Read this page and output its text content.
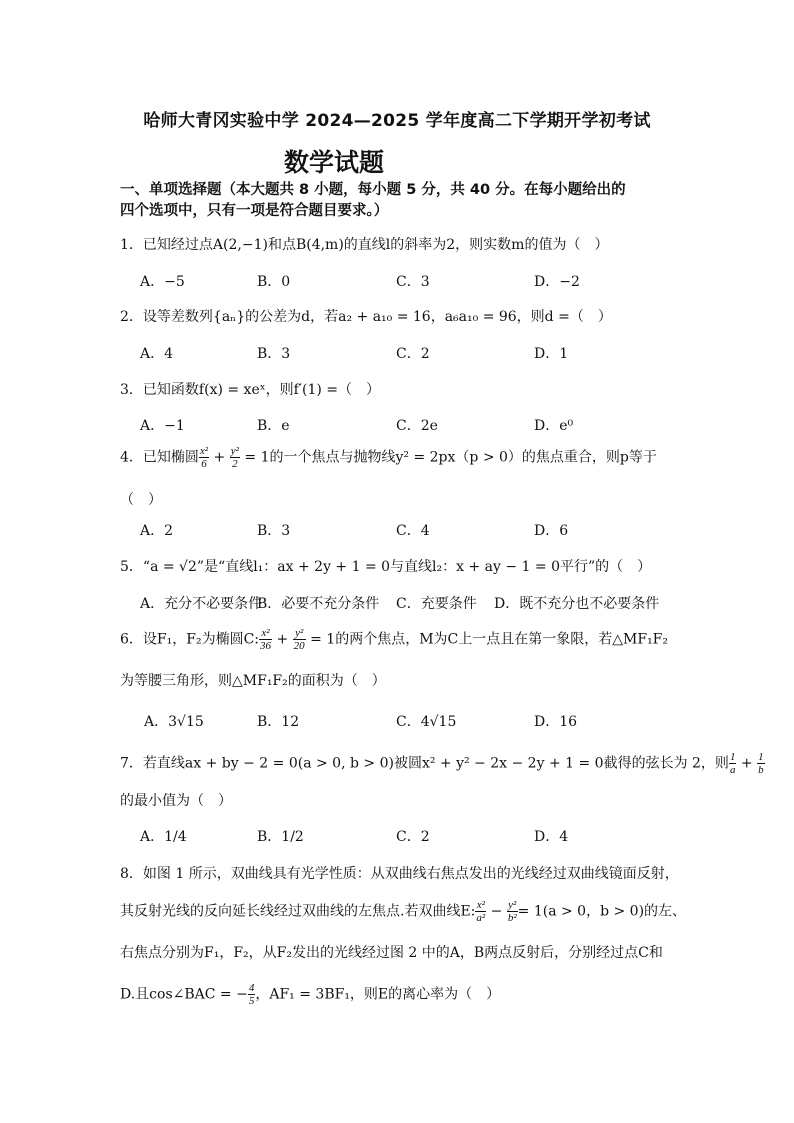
哈师大青冈实验中学 2024—2025 学年度高二下学期开学初考试
数学试题
一、单项选择题（本大题共 8 小题，每小题 5 分，共 40 分。在每小题给出的
四个选项中，只有一项是符合题目要求。）
1．已知经过点A(2,−1)和点B(4,m)的直线l的斜率为2，则实数m的值为（　）
A．−5	B．0	C．3	D．−2
2．设等差数列{aₙ}的公差为d，若a₂ + a₁₀ = 16，a₆a₁₀ = 96，则d =（　）
A．4	B．3	C．2	D．1
3．已知函数f(x) = xeˣ，则f′(1) =（　）
A．−1	B．e	C．2e	D．e⁰
4．已知椭圆 $\frac{\text{x²}}{6} + \frac{\text{y²}}{2} = 1$的一个焦点与抛物线y² = 2px（p > 0）的焦点重合，则p等于
（　）
A．2	B．3	C．4	D．6
5．“a = √2”是“直线l₁：ax + 2y + 1 = 0与直线l₂：x + ay − 1 = 0平行”的（　）
A．充分不必要条件
B．必要不充分条件 C．充要条件 D．既不充分也不必要条件
6．设F₁，F₂为椭圆C: $\frac{\text{x²}}{36} + \frac{\text{y²}}{20} = 1$的两个焦点，M为C上一点且在第一象限，若△MF₁F₂
为等腰三角形，则△MF₁F₂的面积为（　）
A．3√15	B．12	C．4√15	D．16
7．若直线ax + by − 2 = 0(a > 0, b > 0)被圆x² + y² − 2x − 2y + 1 = 0截得的弦长为 2，则 $\frac{1}{a} + \frac{1}{b}$
的最小值为（　）
A．1/4	B．1/2	C．2	D．4
8．如图 1 所示，双曲线具有光学性质：从双曲线右焦点发出的光线经过双曲线镜面反射，
其反射光线的反向延长线经过双曲线的左焦点.若双曲线E: $\frac{\text{x²}}{\text{a²}} - \frac{\text{y²}}{\text{b²}} = 1(a > 0$，b > 0)的左、
右焦点分别为F₁，F₂，从F₂发出的光线经过图 2 中的A，B两点反射后，分别经过点C和
D.且cos∠BAC = − $\frac{4}{5}$ ，AF₁ = 3BF₁，则E的离心率为（　）
